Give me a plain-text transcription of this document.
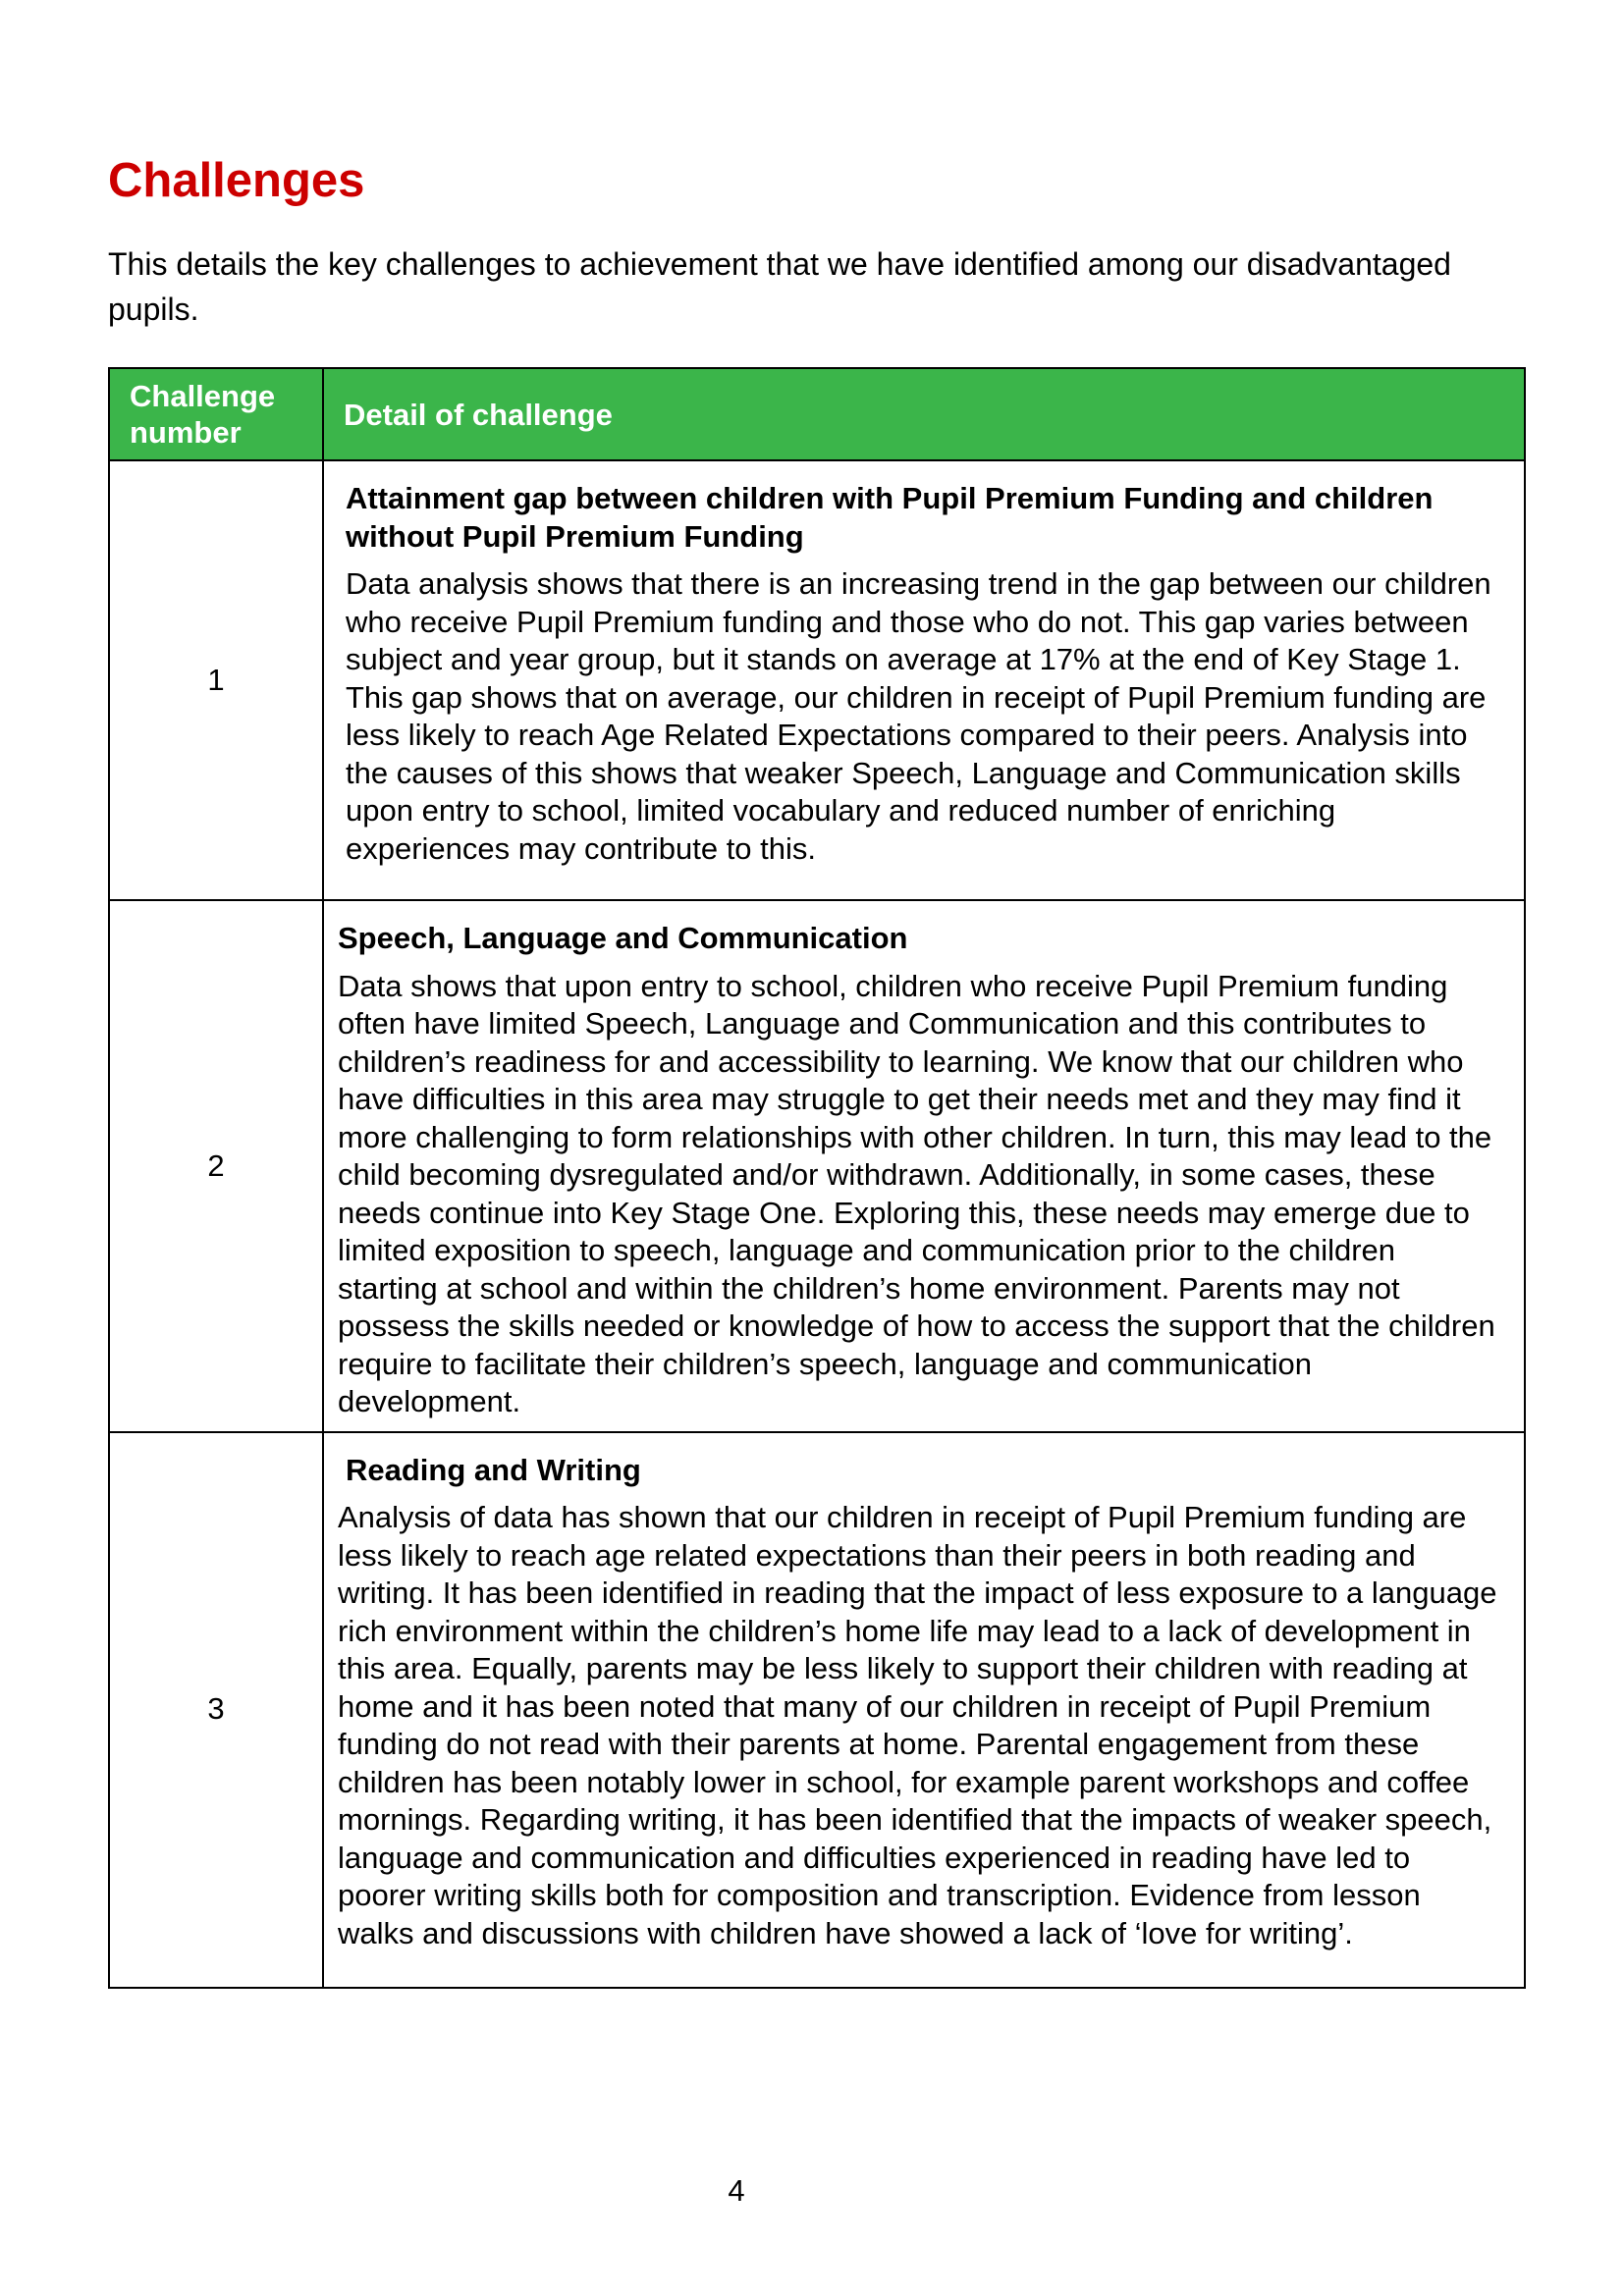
Challenges

This details the key challenges to achievement that we have identified among our disadvantaged pupils.

Challenge number	Detail of challenge
1	Attainment gap between children with Pupil Premium Funding and children without Pupil Premium Funding

Data analysis shows that there is an increasing trend in the gap between our children who receive Pupil Premium funding and those who do not. This gap varies between subject and year group, but it stands on average at 17% at the end of Key Stage 1. This gap shows that on average, our children in receipt of Pupil Premium funding are less likely to reach Age Related Expectations compared to their peers. Analysis into the causes of this shows that weaker Speech, Language and Communication skills upon entry to school, limited vocabulary and reduced number of enriching experiences may contribute to this.

2	Speech, Language and Communication

Data shows that upon entry to school, children who receive Pupil Premium funding often have limited Speech, Language and Communication and this contributes to children’s readiness for and accessibility to learning. We know that our children who have difficulties in this area may struggle to get their needs met and they may find it more challenging to form relationships with other children. In turn, this may lead to the child becoming dysregulated and/or withdrawn. Additionally, in some cases, these needs continue into Key Stage One. Exploring this, these needs may emerge due to limited exposition to speech, language and communication prior to the children starting at school and within the children’s home environment. Parents may not possess the skills needed or knowledge of how to access the support that the children require to facilitate their children’s speech, language and communication development.

3	Reading and Writing

Analysis of data has shown that our children in receipt of Pupil Premium funding are less likely to reach age related expectations than their peers in both reading and writing. It has been identified in reading that the impact of less exposure to a language rich environment within the children’s home life may lead to a lack of development in this area. Equally, parents may be less likely to support their children with reading at home and it has been noted that many of our children in receipt of Pupil Premium funding do not read with their parents at home. Parental engagement from these children has been notably lower in school, for example parent workshops and coffee mornings. Regarding writing, it has been identified that the impacts of weaker speech, language and communication and difficulties experienced in reading have led to poorer writing skills both for composition and transcription. Evidence from lesson walks and discussions with children have showed a lack of ‘love for writing’.

4
